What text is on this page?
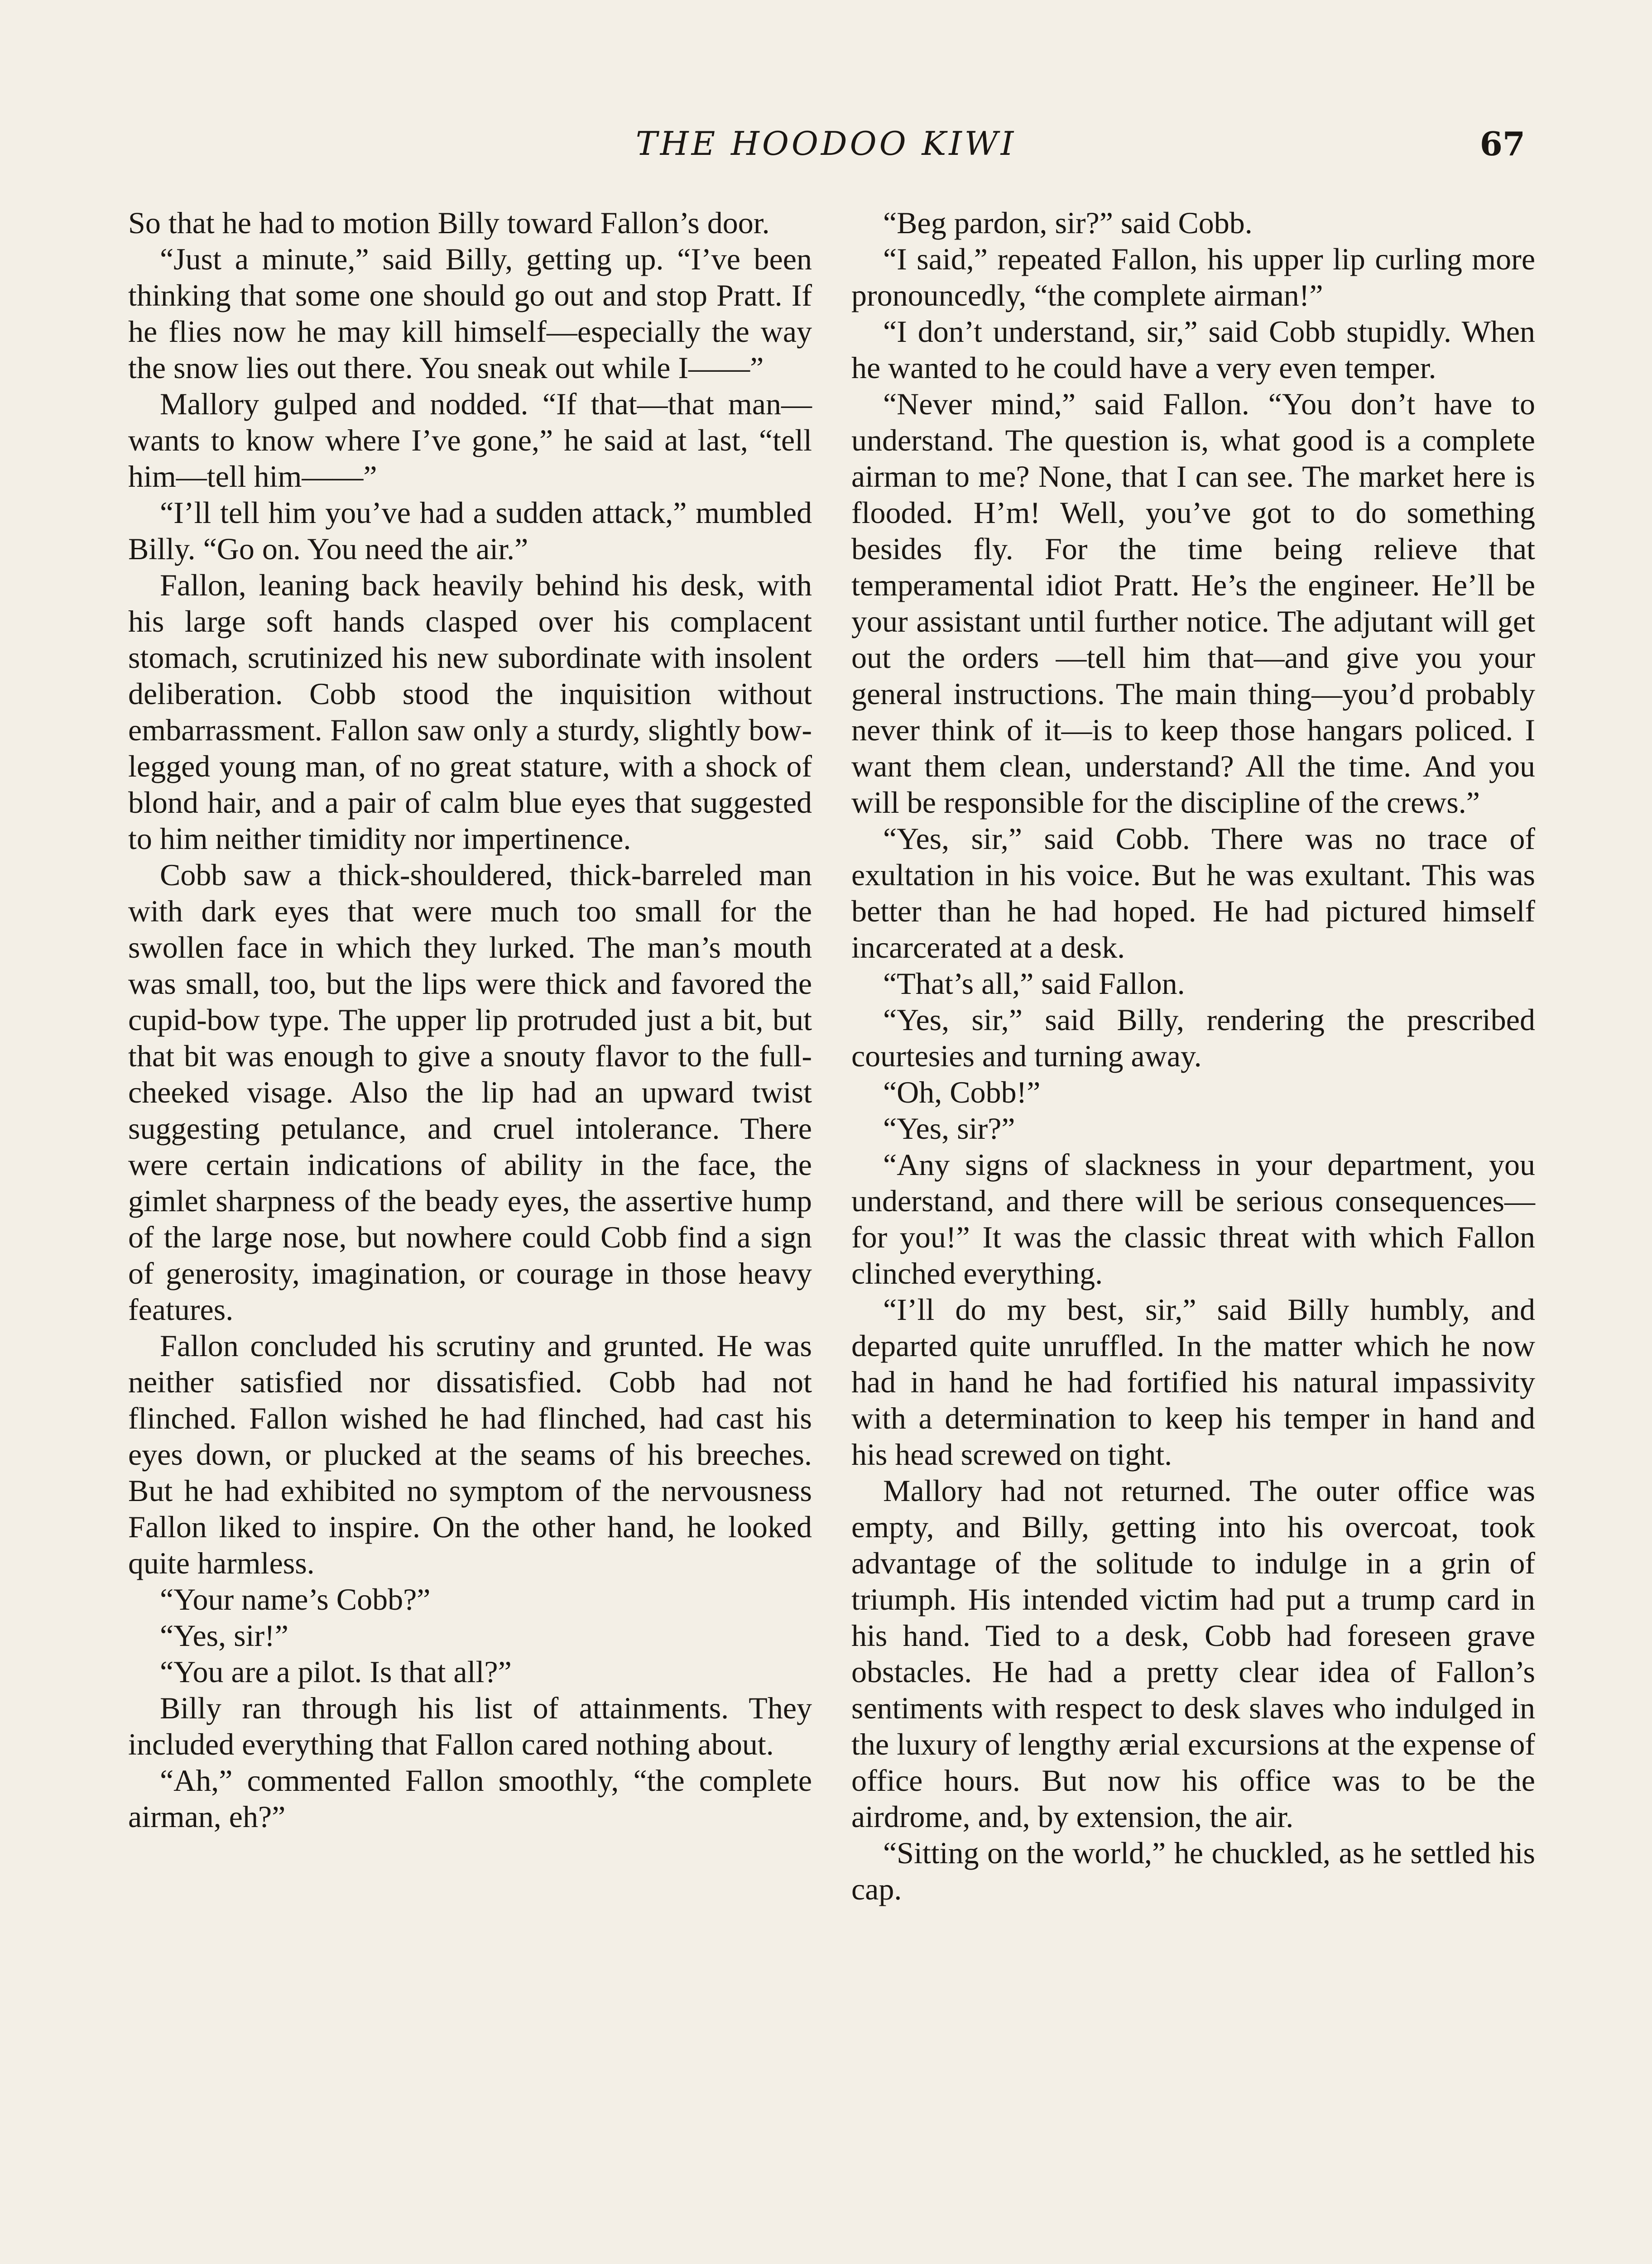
THE HOODOO KIWI	67

So that he had to motion Billy toward Fallon’s door.

“Just a minute,” said Billy, getting up. “I’ve been thinking that some one should go out and stop Pratt. If he flies now he may kill himself—especially the way the snow lies out there. You sneak out while I——”

Mallory gulped and nodded. “If that—that man—wants to know where I’ve gone,” he said at last, “tell him—tell him——”

“I’ll tell him you’ve had a sudden attack,” mumbled Billy. “Go on. You need the air.”

Fallon, leaning back heavily behind his desk, with his large soft hands clasped over his complacent stomach, scrutinized his new subordinate with insolent deliberation. Cobb stood the inquisition without embarrassment. Fallon saw only a sturdy, slightly bow-legged young man, of no great stature, with a shock of blond hair, and a pair of calm blue eyes that suggested to him neither timidity nor impertinence.

Cobb saw a thick-shouldered, thick-barreled man with dark eyes that were much too small for the swollen face in which they lurked. The man’s mouth was small, too, but the lips were thick and favored the cupid-bow type. The upper lip protruded just a bit, but that bit was enough to give a snouty flavor to the full-cheeked visage. Also the lip had an upward twist suggesting petulance, and cruel intolerance. There were certain indications of ability in the face, the gimlet sharpness of the beady eyes, the assertive hump of the large nose, but nowhere could Cobb find a sign of generosity, imagination, or courage in those heavy features.

Fallon concluded his scrutiny and grunted. He was neither satisfied nor dissatisfied. Cobb had not flinched. Fallon wished he had flinched, had cast his eyes down, or plucked at the seams of his breeches. But he had exhibited no symptom of the nervousness Fallon liked to inspire. On the other hand, he looked quite harmless.

“Your name’s Cobb?”

“Yes, sir!”

“You are a pilot. Is that all?”

Billy ran through his list of attainments. They included everything that Fallon cared nothing about.

“Ah,” commented Fallon smoothly, “the complete airman, eh?”

“Beg pardon, sir?” said Cobb.

“I said,” repeated Fallon, his upper lip curling more pronouncedly, “the complete airman!”

“I don’t understand, sir,” said Cobb stupidly. When he wanted to he could have a very even temper.

“Never mind,” said Fallon. “You don’t have to understand. The question is, what good is a complete airman to me? None, that I can see. The market here is flooded. H’m! Well, you’ve got to do something besides fly. For the time being relieve that temperamental idiot Pratt. He’s the engineer. He’ll be your assistant until further notice. The adjutant will get out the orders —tell him that—and give you your general instructions. The main thing—you’d probably never think of it—is to keep those hangars policed. I want them clean, understand? All the time. And you will be responsible for the discipline of the crews.”

“Yes, sir,” said Cobb. There was no trace of exultation in his voice. But he was exultant. This was better than he had hoped. He had pictured himself incarcerated at a desk.

“That’s all,” said Fallon.

“Yes, sir,” said Billy, rendering the prescribed courtesies and turning away.

“Oh, Cobb!”

“Yes, sir?”

“Any signs of slackness in your department, you understand, and there will be serious consequences—for you!” It was the classic threat with which Fallon clinched everything.

“I’ll do my best, sir,” said Billy humbly, and departed quite unruffled. In the matter which he now had in hand he had fortified his natural impassivity with a determination to keep his temper in hand and his head screwed on tight.

Mallory had not returned. The outer office was empty, and Billy, getting into his overcoat, took advantage of the solitude to indulge in a grin of triumph. His intended victim had put a trump card in his hand. Tied to a desk, Cobb had foreseen grave obstacles. He had a pretty clear idea of Fallon’s sentiments with respect to desk slaves who indulged in the luxury of lengthy ærial excursions at the expense of office hours. But now his office was to be the airdrome, and, by extension, the air.

“Sitting on the world,” he chuckled, as he settled his cap.
